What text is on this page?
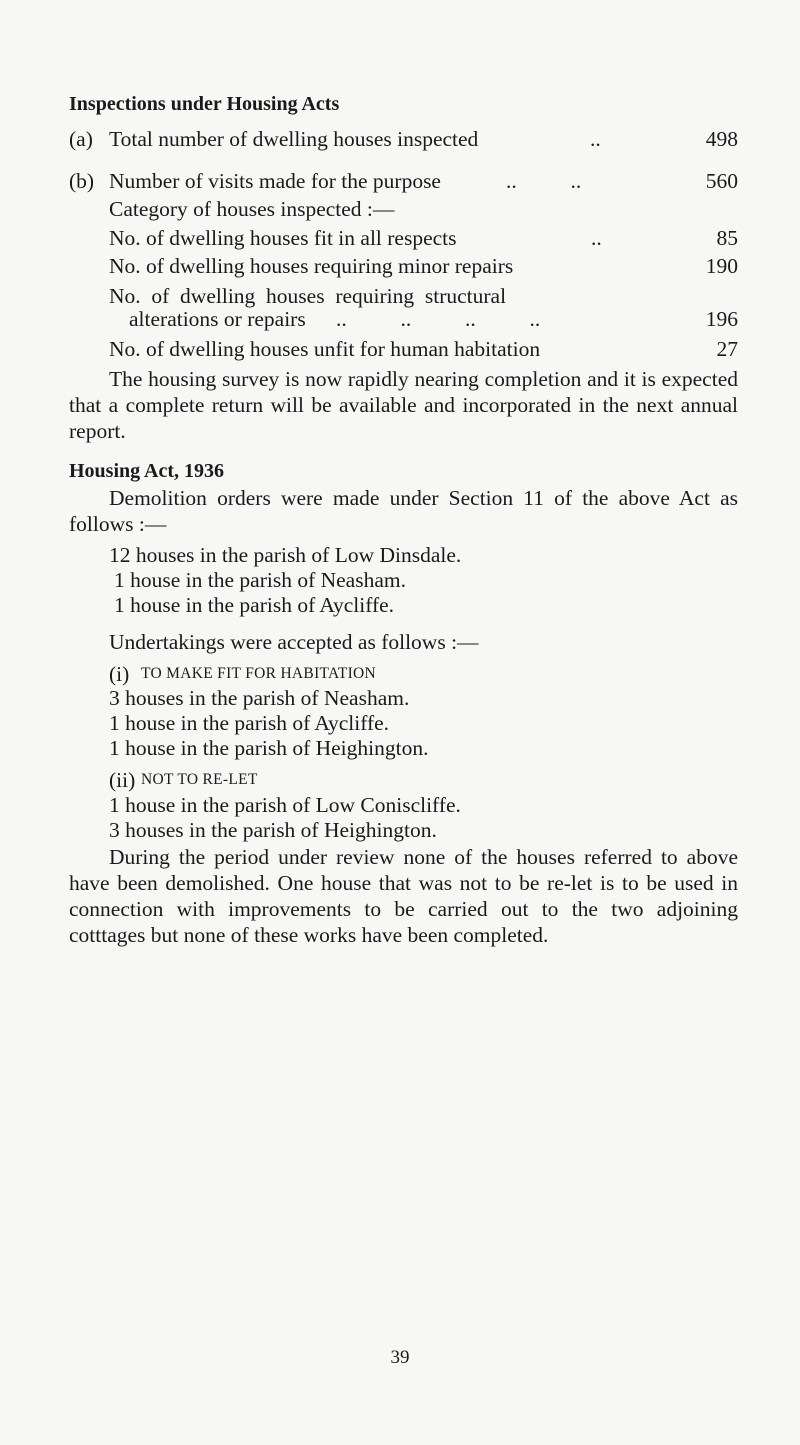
Inspections under Housing Acts
(a) Total number of dwelling houses inspected	..	498
(b) Number of visits made for the purpose	..          ..	560
Category of houses inspected :—
No. of dwelling houses fit in all respects	..	85
No. of dwelling houses requiring minor repairs	190
No.  of  dwelling  houses  requiring  structural
alterations or repairs ..          ..          ..          ..	196
No. of dwelling houses unfit for human habitation	27
The housing survey is now rapidly nearing completion and it is expected that a complete return will be available and incorporated in the next annual report.
Housing Act, 1936
Demolition orders were made under Section 11 of the above Act as follows :—
12 houses in the parish of Low Dinsdale.
1 house in the parish of Neasham.
1 house in the parish of Aycliffe.
Undertakings were accepted as follows :—
(i) TO MAKE FIT FOR HABITATION
3 houses in the parish of Neasham.
1 house in the parish of Aycliffe.
1 house in the parish of Heighington.
(ii) NOT TO RE-LET
1 house in the parish of Low Coniscliffe.
3 houses in the parish of Heighington.
During the period under review none of the houses referred to above have been demolished. One house that was not to be re-let is to be used in connection with improvements to be carried out to the two adjoining cotttages but none of these works have been completed.
39
